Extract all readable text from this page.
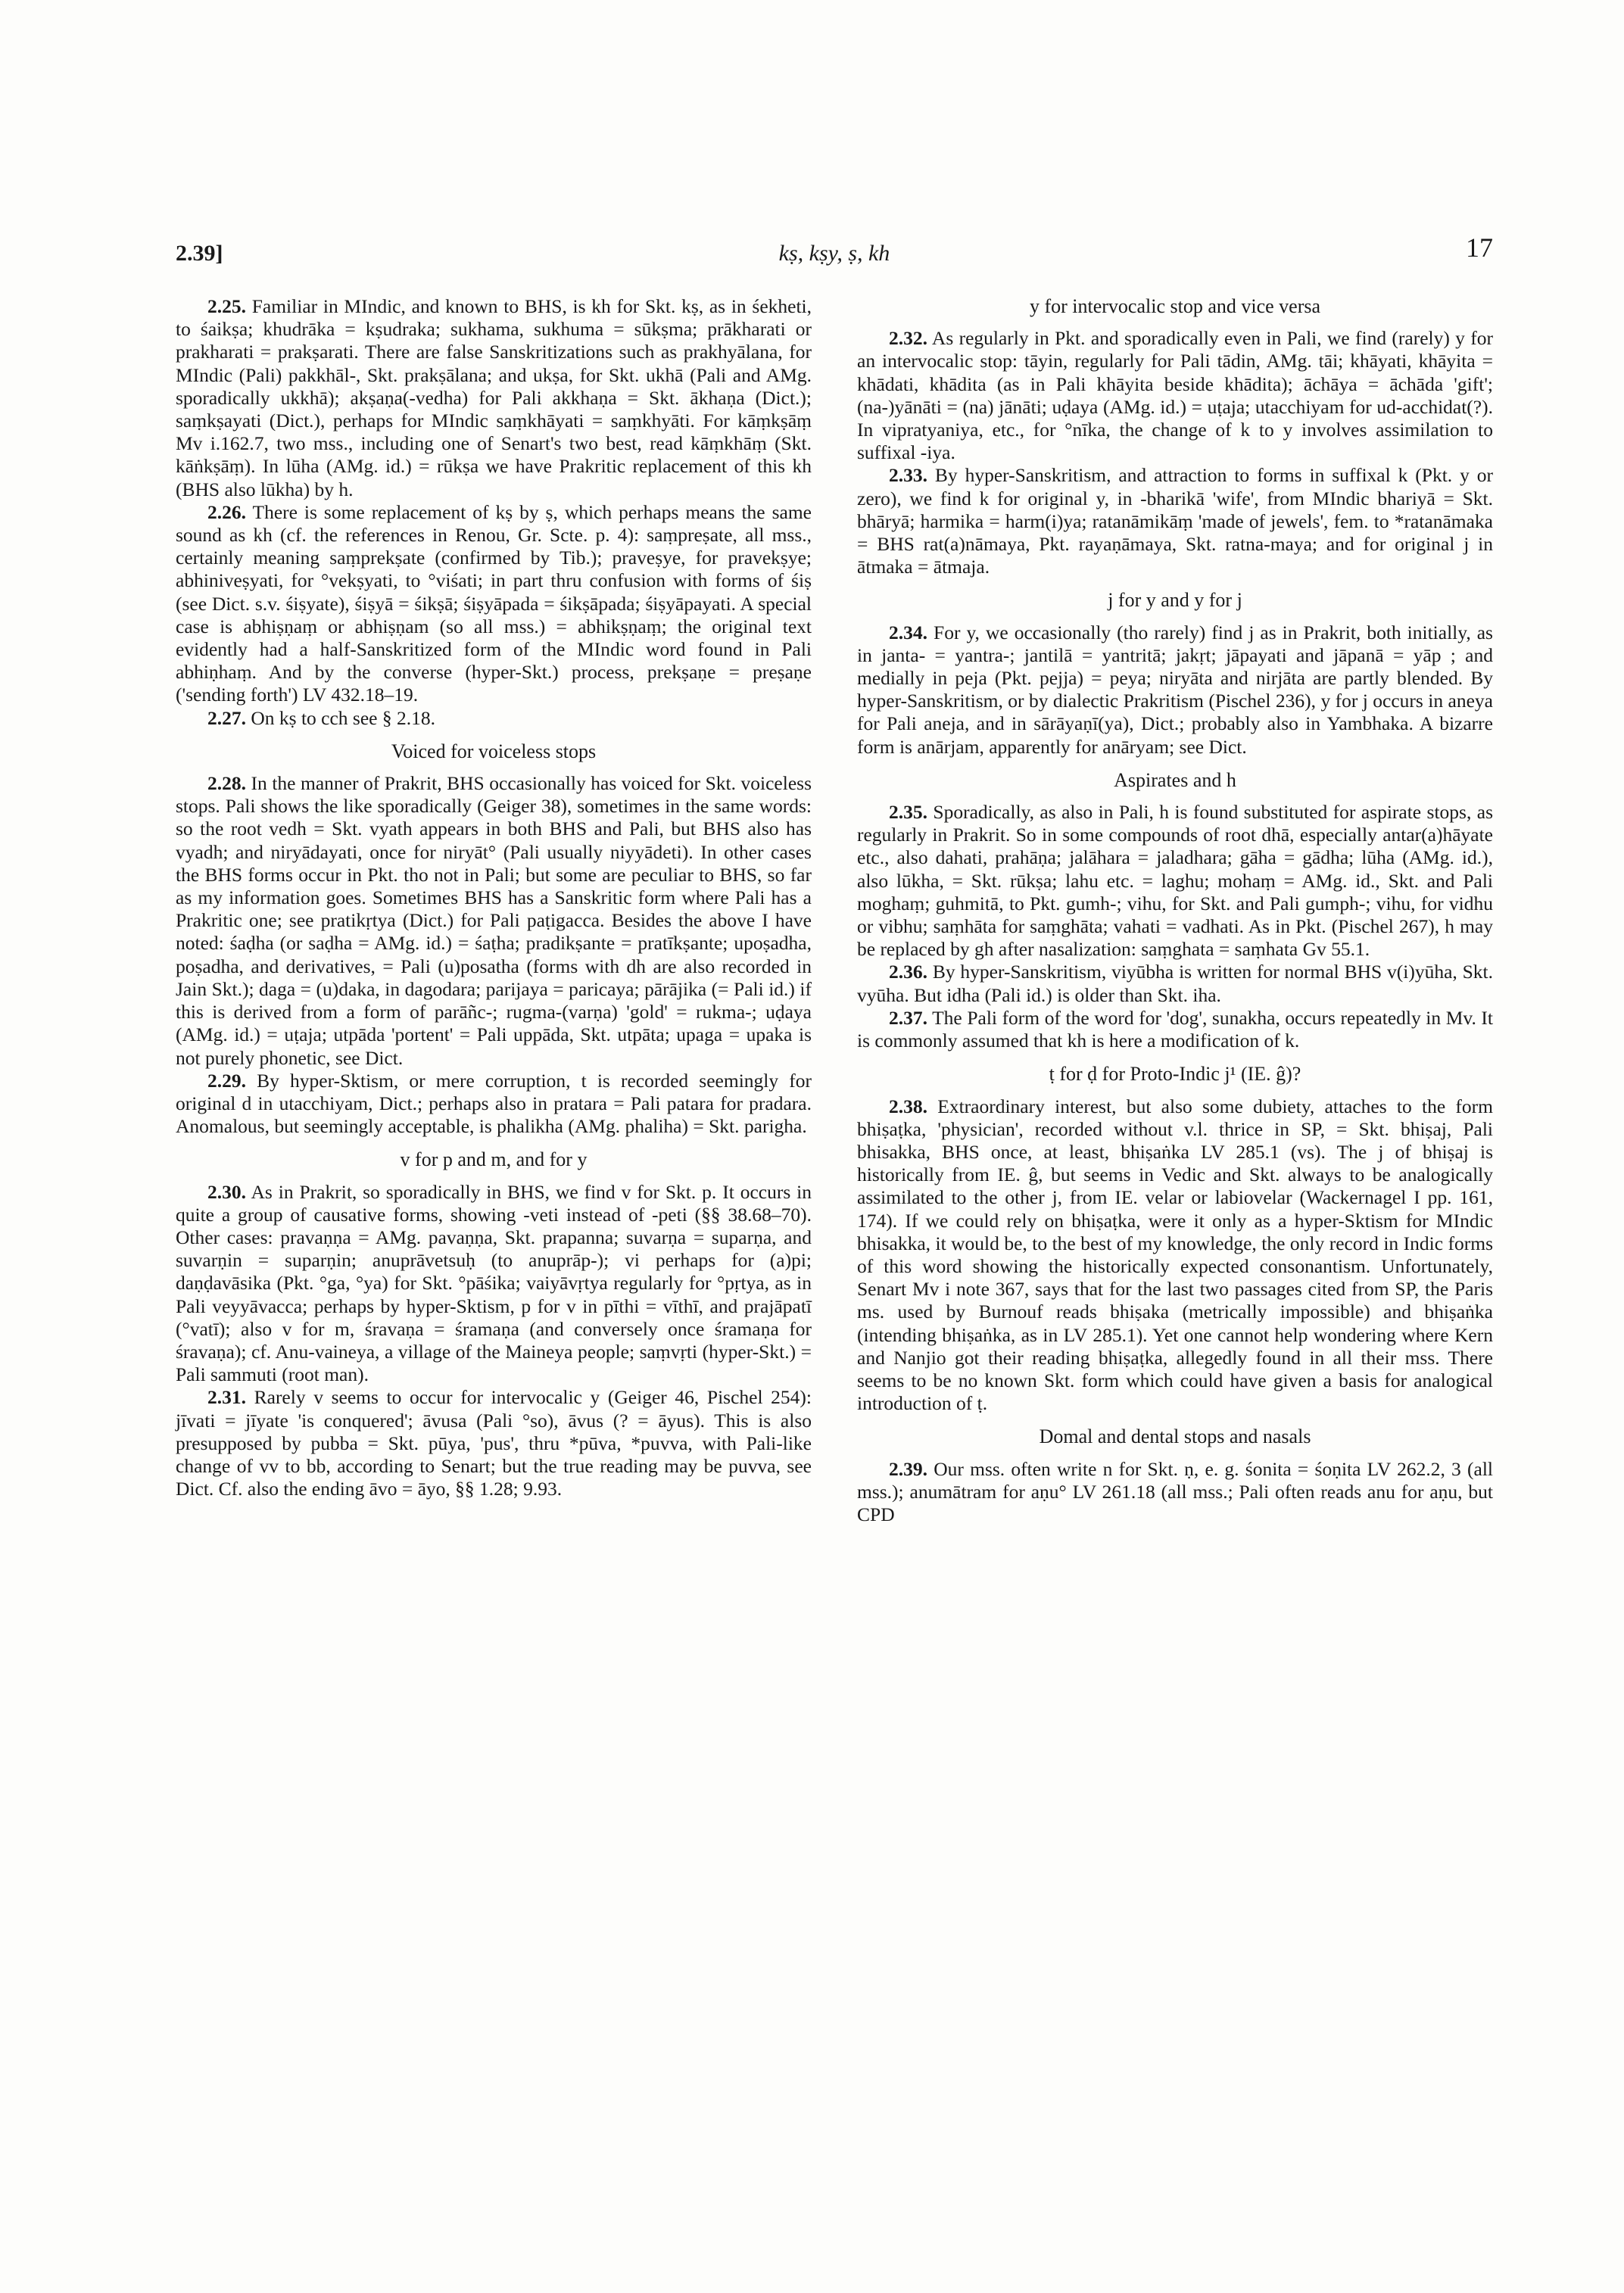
2.39]	kṣ, kṣy, ṣ, kh	17

2.25. Familiar in MIndic, and known to BHS, is kh for Skt. kṣ, as in śekheti, to śaikṣa; khudrāka = kṣudraka; sukhama, sukhuma = sūkṣma; prākharati or prakharati = prakṣarati. There are false Sanskritizations such as prakhyālana, for MIndic (Pali) pakkhāl-, Skt. prakṣālana; and ukṣa, for Skt. ukhā (Pali and AMg. sporadically ukkhā); akṣaṇa(-vedha) for Pali akkhaṇa = Skt. ākhaṇa (Dict.); saṃkṣayati (Dict.), perhaps for MIndic saṃkhāyati = saṃkhyāti. For kāṃkṣāṃ Mv i.162.7, two mss., including one of Senart's two best, read kāṃkhāṃ (Skt. kāṅkṣāṃ). In lūha (AMg. id.) = rūkṣa we have Prakritic replacement of this kh (BHS also lūkha) by h.

2.26. There is some replacement of kṣ by ṣ, which perhaps means the same sound as kh (cf. the references in Renou, Gr. Scte. p. 4): saṃpreṣate, all mss., certainly meaning saṃprekṣate (confirmed by Tib.); praveṣye, for pravekṣye; abhiniveṣyati, for °vekṣyati, to °viśati; in part thru confusion with forms of śiṣ (see Dict. s.v. śiṣyate), śiṣyā = śikṣā; śiṣyāpada = śikṣāpada; śiṣyāpayati. A special case is abhiṣṇaṃ or abhiṣṇam (so all mss.) = abhikṣṇaṃ; the original text evidently had a half-Sanskritized form of the MIndic word found in Pali abhiṇhaṃ. And by the converse (hyper-Skt.) process, prekṣaṇe = preṣaṇe ('sending forth') LV 432.18–19.

2.27. On kṣ to cch see § 2.18.

Voiced for voiceless stops

2.28. In the manner of Prakrit, BHS occasionally has voiced for Skt. voiceless stops. Pali shows the like sporadically (Geiger 38), sometimes in the same words: so the root vedh = Skt. vyath appears in both BHS and Pali, but BHS also has vyadh; and niryādayati, once for niryāt° (Pali usually niyyādeti). In other cases the BHS forms occur in Pkt. tho not in Pali; but some are peculiar to BHS, so far as my information goes. Sometimes BHS has a Sanskritic form where Pali has a Prakritic one; see pratikṛtya (Dict.) for Pali paṭigacca. Besides the above I have noted: śaḍha (or saḍha = AMg. id.) = śaṭha; pradikṣante = pratīkṣante; upoṣadha, poṣadha, and derivatives, = Pali (u)posatha (forms with dh are also recorded in Jain Skt.); daga = (u)daka, in dagodara; parijaya = paricaya; pārājika (= Pali id.) if this is derived from a form of parāñc-; rugma-(varṇa) 'gold' = rukma-; uḍaya (AMg. id.) = uṭaja; utpāda 'portent' = Pali uppāda, Skt. utpāta; upaga = upaka is not purely phonetic, see Dict.

2.29. By hyper-Sktism, or mere corruption, t is recorded seemingly for original d in utacchiyam, Dict.; perhaps also in pratara = Pali patara for pradara. Anomalous, but seemingly acceptable, is phalikha (AMg. phaliha) = Skt. parigha.

v for p and m, and for y

2.30. As in Prakrit, so sporadically in BHS, we find v for Skt. p. It occurs in quite a group of causative forms, showing -veti instead of -peti (§§ 38.68–70). Other cases: pravaṇṇa = AMg. pavaṇṇa, Skt. prapanna; suvarṇa = suparṇa, and suvarṇin = suparṇin; anuprāvetsuḥ (to anuprāp-); vi perhaps for (a)pi; daṇḍavāsika (Pkt. °ga, °ya) for Skt. °pāśika; vaiyāvṛtya regularly for °pṛtya, as in Pali veyyāvacca; perhaps by hyper-Sktism, p for v in pīthi = vīthī, and prajāpatī (°vatī); also v for m, śravaṇa = śramaṇa (and conversely once śramaṇa for śravaṇa); cf. Anu-vaineya, a village of the Maineya people; saṃvṛti (hyper-Skt.) = Pali sammuti (root man).

2.31. Rarely v seems to occur for intervocalic y (Geiger 46, Pischel 254): jīvati = jīyate 'is conquered'; āvusa (Pali °so), āvus (? = āyus). This is also presupposed by pubba = Skt. pūya, 'pus', thru *pūva, *puvva, with Pali-like change of vv to bb, according to Senart; but the true reading may be puvva, see Dict. Cf. also the ending āvo = āyo, §§ 1.28; 9.93.

y for intervocalic stop and vice versa

2.32. As regularly in Pkt. and sporadically even in Pali, we find (rarely) y for an intervocalic stop: tāyin, regularly for Pali tādin, AMg. tāi; khāyati, khāyita = khādati, khādita (as in Pali khāyita beside khādita); āchāya = āchāda 'gift'; (na-)yānāti = (na) jānāti; uḍaya (AMg. id.) = uṭaja; utacchiyam for ud-acchidat(?). In vipratyaniya, etc., for °nīka, the change of k to y involves assimilation to suffixal -iya.

2.33. By hyper-Sanskritism, and attraction to forms in suffixal k (Pkt. y or zero), we find k for original y, in -bharikā 'wife', from MIndic bhariyā = Skt. bhāryā; harmika = harm(i)ya; ratanāmikāṃ 'made of jewels', fem. to *ratanāmaka = BHS rat(a)nāmaya, Pkt. rayaṇāmaya, Skt. ratna-maya; and for original j in ātmaka = ātmaja.

j for y and y for j

2.34. For y, we occasionally (tho rarely) find j as in Prakrit, both initially, as in janta- = yantra-; jantilā = yantritā; jakṛt; jāpayati and jāpanā = yāp ; and medially in peja (Pkt. pejja) = peya; niryāta and nirjāta are partly blended. By hyper-Sanskritism, or by dialectic Prakritism (Pischel 236), y for j occurs in aneya for Pali aneja, and in sārāyaṇī(ya), Dict.; probably also in Yambhaka. A bizarre form is anārjam, apparently for anāryam; see Dict.

Aspirates and h

2.35. Sporadically, as also in Pali, h is found substituted for aspirate stops, as regularly in Prakrit. So in some compounds of root dhā, especially antar(a)hāyate etc., also dahati, prahāṇa; jalāhara = jaladhara; gāha = gādha; lūha (AMg. id.), also lūkha, = Skt. rūkṣa; lahu etc. = laghu; mohaṃ = AMg. id., Skt. and Pali moghaṃ; guhmitā, to Pkt. gumh-; vihu, for Skt. and Pali gumph-; vihu, for vidhu or vibhu; saṃhāta for saṃghāta; vahati = vadhati. As in Pkt. (Pischel 267), h may be replaced by gh after nasalization: saṃghata = saṃhata Gv 55.1.

2.36. By hyper-Sanskritism, viyūbha is written for normal BHS v(i)yūha, Skt. vyūha. But idha (Pali id.) is older than Skt. iha.

2.37. The Pali form of the word for 'dog', sunakha, occurs repeatedly in Mv. It is commonly assumed that kh is here a modification of k.

ṭ for ḍ for Proto-Indic j¹ (IE. ĝ)?

2.38. Extraordinary interest, but also some dubiety, attaches to the form bhiṣaṭka, 'physician', recorded without v.l. thrice in SP, = Skt. bhiṣaj, Pali bhisakka, BHS once, at least, bhiṣaṅka LV 285.1 (vs). The j of bhiṣaj is historically from IE. ĝ, but seems in Vedic and Skt. always to be analogically assimilated to the other j, from IE. velar or labiovelar (Wackernagel I pp. 161, 174). If we could rely on bhiṣaṭka, were it only as a hyper-Sktism for MIndic bhisakka, it would be, to the best of my knowledge, the only record in Indic forms of this word showing the historically expected consonantism. Unfortunately, Senart Mv i note 367, says that for the last two passages cited from SP, the Paris ms. used by Burnouf reads bhiṣaka (metrically impossible) and bhiṣaṅka (intending bhiṣaṅka, as in LV 285.1). Yet one cannot help wondering where Kern and Nanjio got their reading bhiṣaṭka, allegedly found in all their mss. There seems to be no known Skt. form which could have given a basis for analogical introduction of ṭ.

Domal and dental stops and nasals

2.39. Our mss. often write n for Skt. ṇ, e. g. śonita = śoṇita LV 262.2, 3 (all mss.); anumātram for aṇu° LV 261.18 (all mss.; Pali often reads anu for aṇu, but CPD
